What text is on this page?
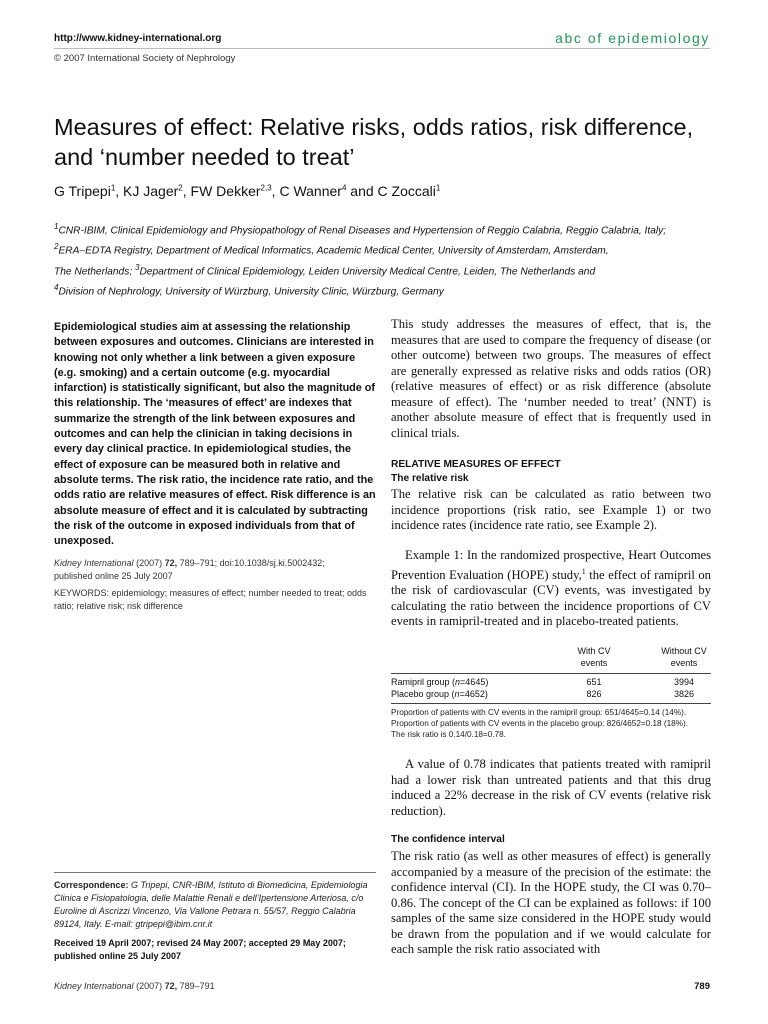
http://www.kidney-international.org	abc of epidemiology
© 2007 International Society of Nephrology
Measures of effect: Relative risks, odds ratios, risk difference, and ‘number needed to treat’
G Tripepi$^1$, KJ Jager$^2$, FW Dekker$^{2,3}$, C Wanner$^4$ and C Zoccali$^1$

$^1$CNR-IBIM, Clinical Epidemiology and Physiopathology of Renal Diseases and Hypertension of Reggio Calabria, Reggio Calabria, Italy;

$^2$ERA–EDTA Registry, Department of Medical Informatics, Academic Medical Center, University of Amsterdam, Amsterdam,

The Netherlands; $^3$Department of Clinical Epidemiology, Leiden University Medical Centre, Leiden, The Netherlands and

$^4$Division of Nephrology, University of Würzburg, University Clinic, Würzburg, Germany

Epidemiological studies aim at assessing the relationship between exposures and outcomes. Clinicians are interested in knowing not only whether a link between a given exposure (e.g. smoking) and a certain outcome (e.g. myocardial infarction) is statistically significant, but also the magnitude of this relationship. The ‘measures of effect’ are indexes that summarize the strength of the link between exposures and outcomes and can help the clinician in taking decisions in every day clinical practice. In epidemiological studies, the effect of exposure can be measured both in relative and absolute terms. The risk ratio, the incidence rate ratio, and the odds ratio are relative measures of effect. Risk difference is an absolute measure of effect and it is calculated by subtracting the risk of the outcome in exposed individuals from that of unexposed.
Kidney International (2007) 72, 789–791; doi:10.1038/sj.ki.5002432;
published online 25 July 2007
KEYWORDS: epidemiology; measures of effect; number needed to treat; odds ratio; relative risk; risk difference
Correspondence: G Tripepi, CNR-IBIM, Istituto di Biomedicina, Epidemiologia Clinica e Fisiopatologia, delle Malattie Renali e dell’Ipertensione Arteriosa, c/o Euroline di Ascrizzi Vincenzo, Via Vallone Petrara n. 55/57, Reggio Calabria 89124, Italy. E-mail: gtripepi@ibim.cnr.it
Received 19 April 2007; revised 24 May 2007; accepted 29 May 2007; published online 25 July 2007
This study addresses the measures of effect, that is, the measures that are used to compare the frequency of disease (or other outcome) between two groups. The measures of effect are generally expressed as relative risks and odds ratios (OR) (relative measures of effect) or as risk difference (absolute measure of effect). The ‘number needed to treat’ (NNT) is another absolute measure of effect that is frequently used in clinical trials.
RELATIVE MEASURES OF EFFECT
The relative risk
The relative risk can be calculated as ratio between two incidence proportions (risk ratio, see Example 1) or two incidence rates (incidence rate ratio, see Example 2).
Example 1: In the randomized prospective, Heart Outcomes Prevention Evaluation (HOPE) study,$^1$ the effect of ramipril on the risk of cardiovascular (CV) events, was investigated by calculating the ratio between the incidence proportions of CV events in ramipril-treated and in placebo-treated patients.
With CV events
Without CV events
Ramipril group (n=4645)	651	3994
Placebo group (n=4652)	826	3826
Proportion of patients with CV events in the ramipril group: 651/4645=0.14 (14%).
Proportion of patients with CV events in the placebo group: 826/4652=0.18 (18%).
The risk ratio is 0.14/0.18=0.78.
A value of 0.78 indicates that patients treated with ramipril had a lower risk than untreated patients and that this drug induced a 22% decrease in the risk of CV events (relative risk reduction).
The confidence interval
The risk ratio (as well as other measures of effect) is generally accompanied by a measure of the precision of the estimate: the confidence interval (CI). In the HOPE study, the CI was 0.70–0.86. The concept of the CI can be explained as follows: if 100 samples of the same size considered in the HOPE study would be drawn from the population and if we would calculate for each sample the risk ratio associated with
Kidney International (2007) 72, 789–791	789
